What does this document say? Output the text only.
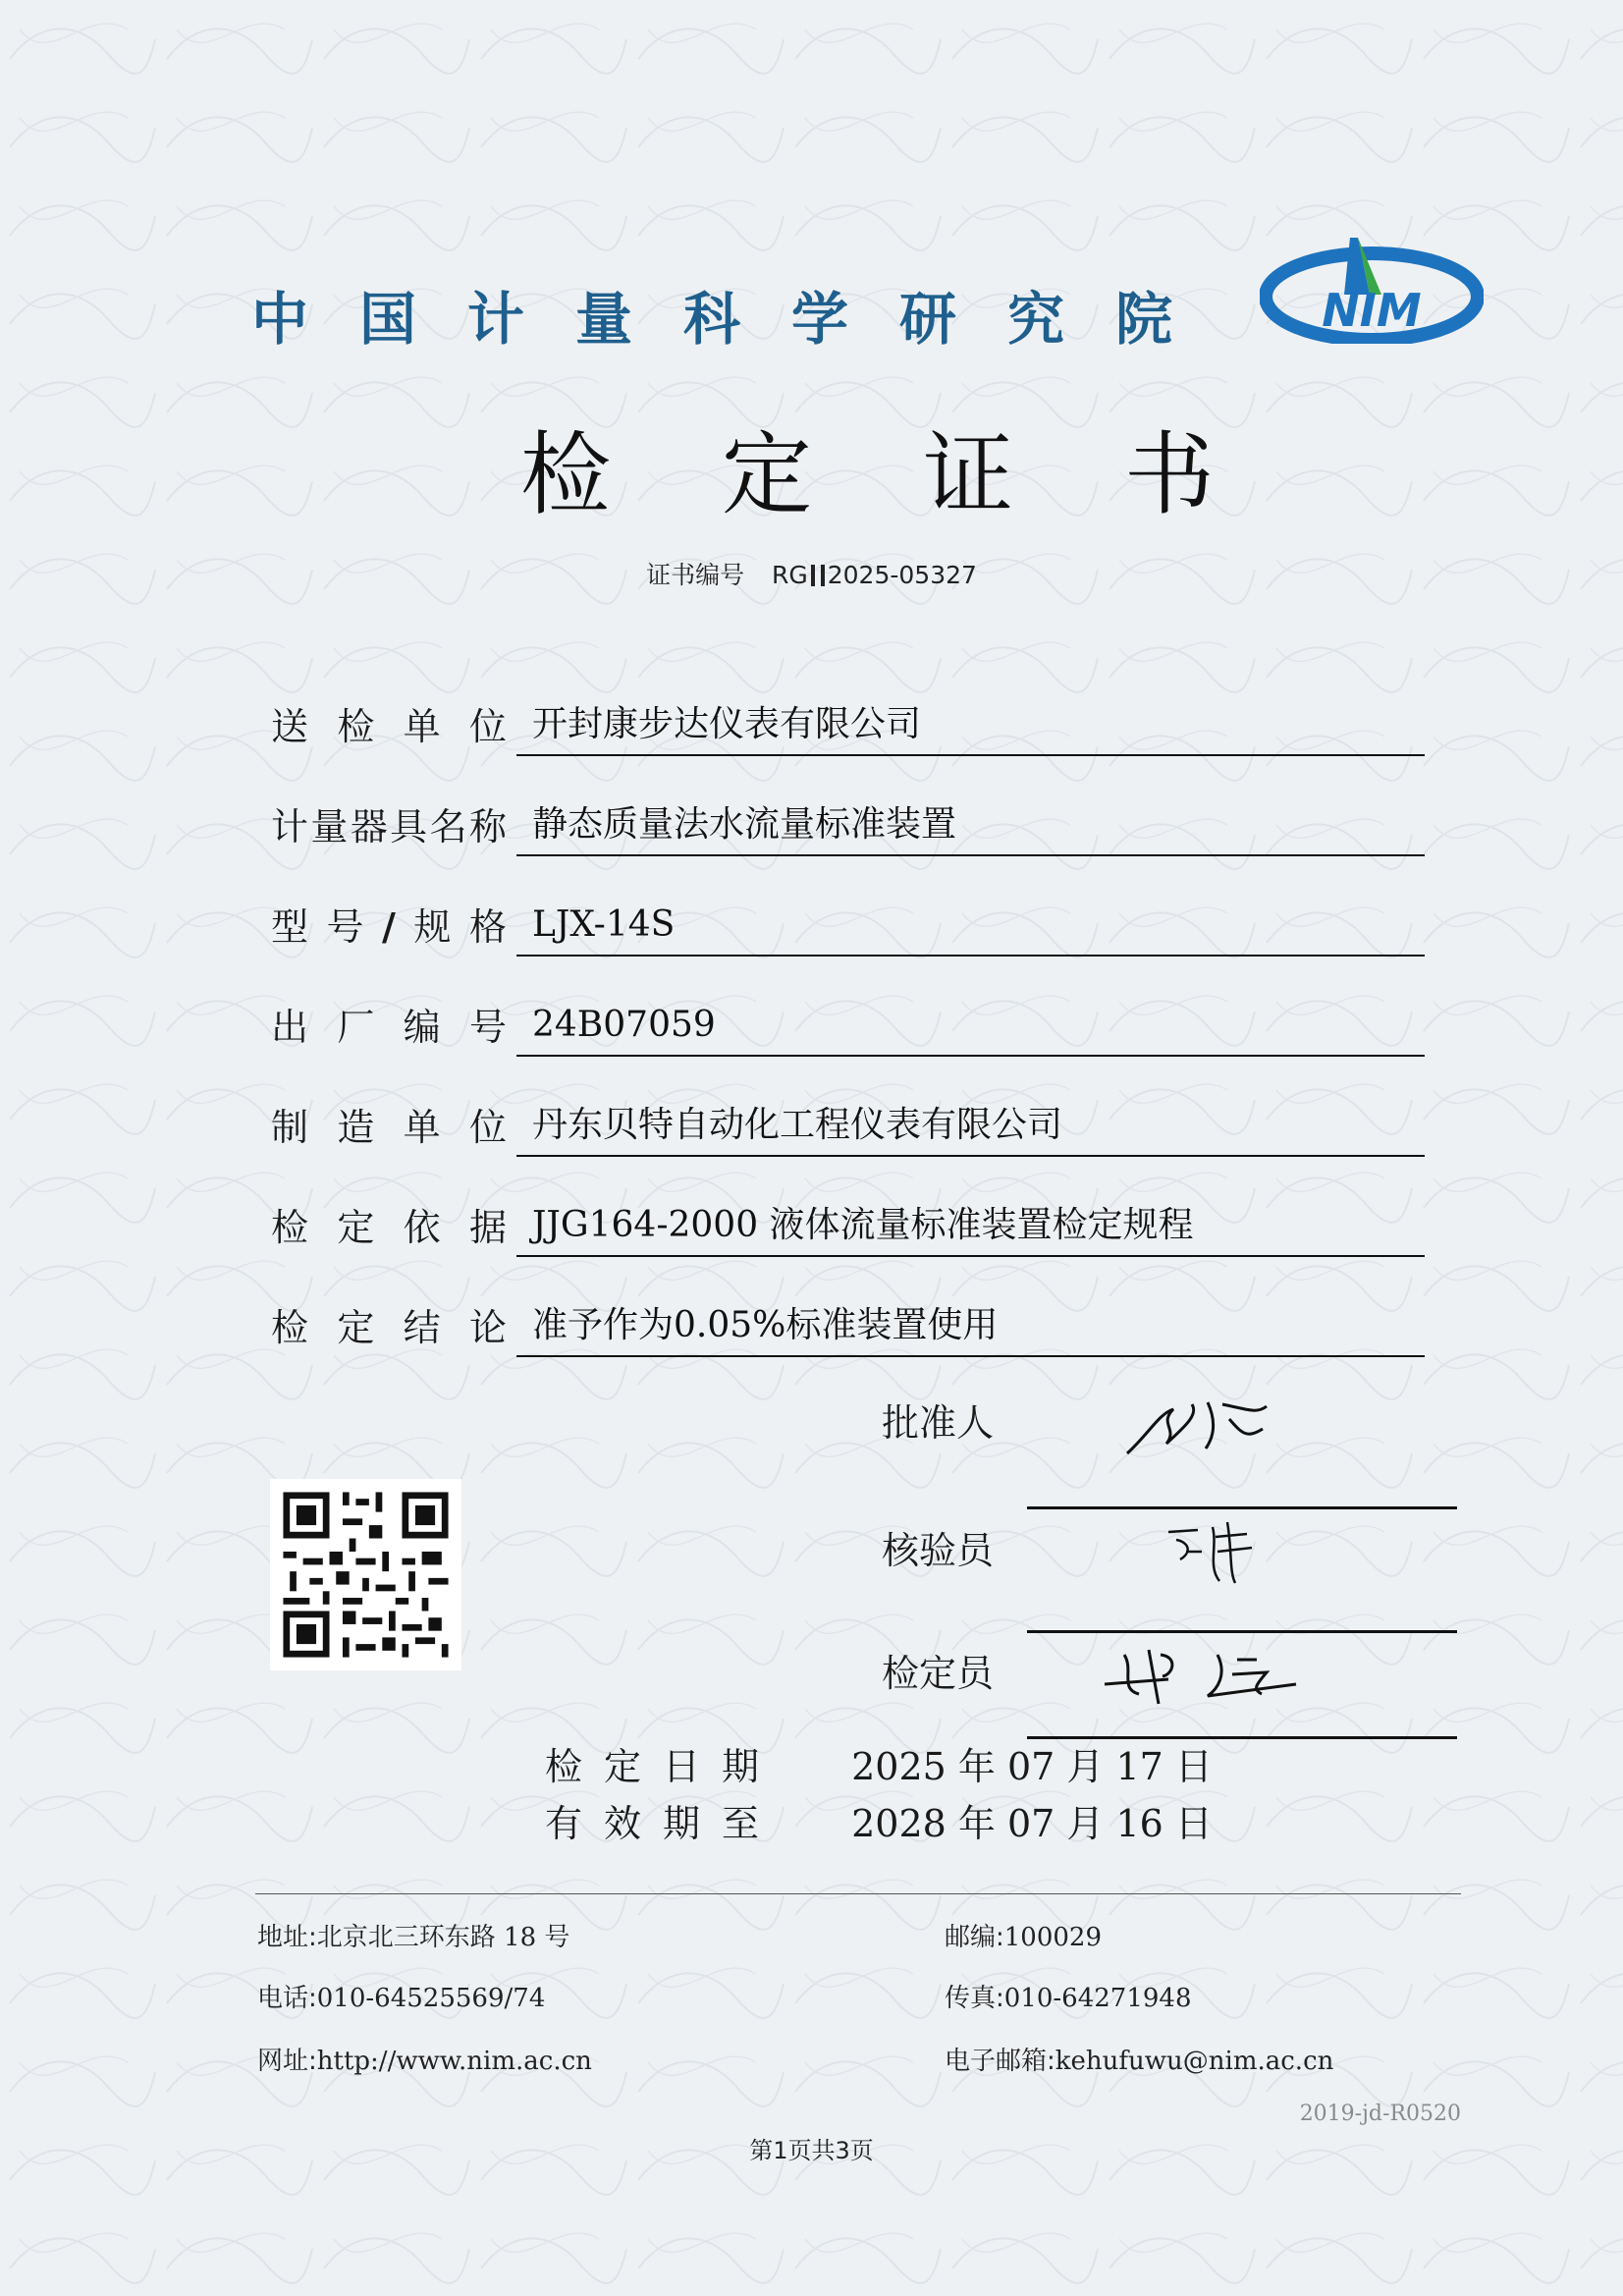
中 国 计 量 科 学 研 究 院	NIM
检	定	证	书
证书编号 RG 2025-05327
送 检 单 位 开封康步达仪表有限公司
计 量 器 具 名 称 静态质量法水流量标准装置
型 号 / 规 格 LJX-14S
出 厂 编 号 24B07059
制 造 单 位 丹东贝特自动化工程仪表有限公司
检 定 依 据 JJG164-2000 液体流量标准装置检定规程
检 定 结 论 准予作为0.05%标准装置使用
批准人
核验员
检定员
检定日期 2025 年 07 月 17 日
有效期至 2028 年 07 月 16 日
地址:北京北三环东路 18 号	邮编:100029
电话:010-64525569/74	传真:010-64271948
网址:http://www.nim.ac.cn	电子邮箱:kehufuwu@nim.ac.cn
2019-jd-R0520
第1页共3页
